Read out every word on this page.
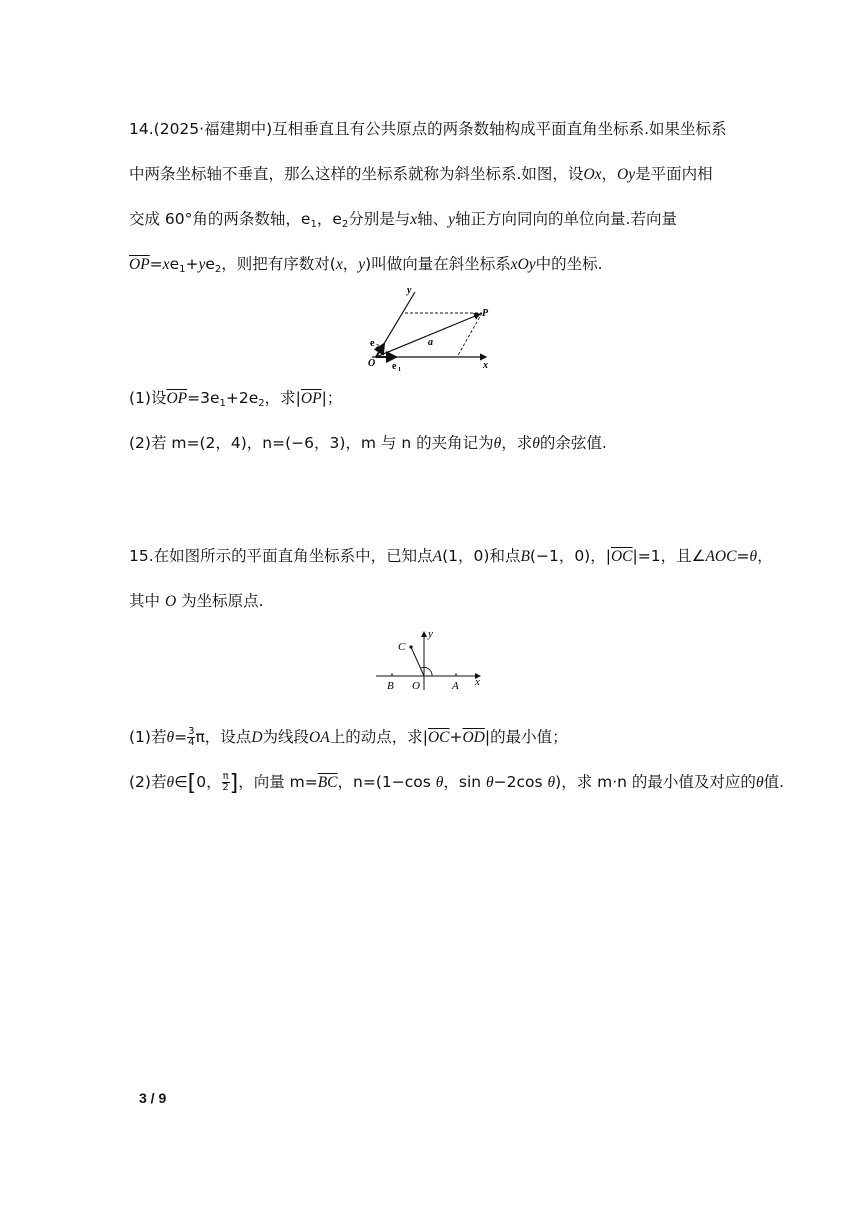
14.(2025·福建期中)互相垂直且有公共原点的两条数轴构成平面直角坐标系.如果坐标系
中两条坐标轴不垂直，那么这样的坐标系就称为斜坐标系.如图，设Ox，Oy是平面内相
交成 60°角的两条数轴，$e_1$，$e_2$分别是与x轴、y轴正方向同向的单位向量.若向量
$\overline{OP}=xe_1+ye_2$，则把有序数对(x，y)叫做向量在斜坐标系xOy中的坐标.
y
P
e 2	a
O e 1	x
(1)设$\overline{OP}=3e_1+2e_2$，求$|\overline{OP}|$；
(2)若 m=(2，4)，n=(−6，3)，m 与 n 的夹角记为θ，求θ的余弦值.
15.在如图所示的平面直角坐标系中，已知点A(1，0)和点B(−1，0)，$|\overline{OC}|=1$，且∠AOC=θ，
其中 O 为坐标原点.
C
y
B O	A x
(1)若$\theta= \frac{3}{4}$ π，设点D为线段OA上的动点，求$|\overline{OC}+\overline{OD}|$的最小值；
(2)若θ∈[0， $\frac{\pi}{2}$ ]，向量 $m=\overline{BC}$，n=(1−cos θ，sin θ−2cos θ)，求 m·n 的最小值及对应的θ值.
3 / 9
